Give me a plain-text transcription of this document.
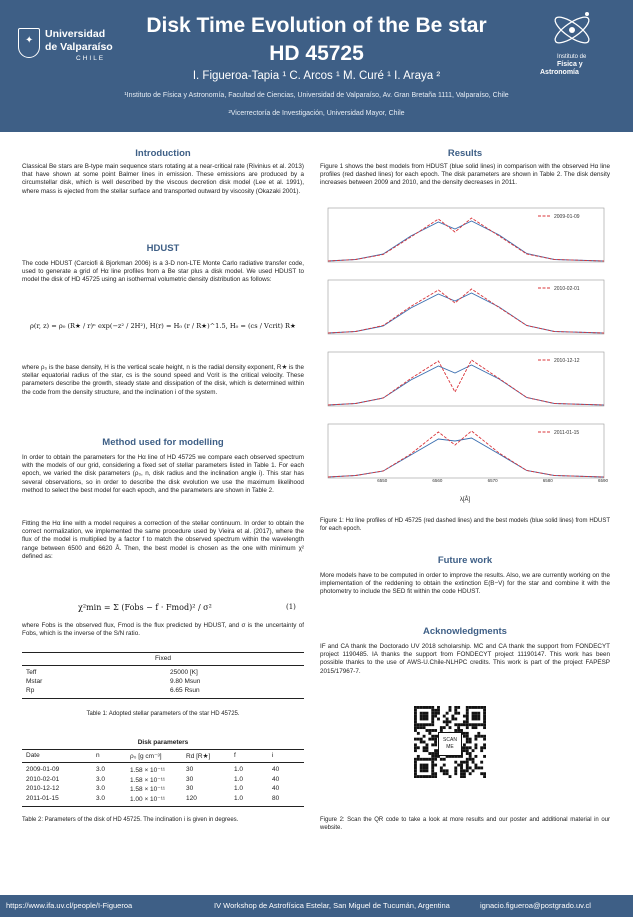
✦
Universidad
de Valparaíso
CHILE
Disk Time Evolution of the Be star
HD 45725
I. Figueroa-Tapia ¹ C. Arcos ¹ M. Curé ¹ I. Araya ²
¹Instituto de Física y Astronomía, Facultad de Ciencias, Universidad de Valparaíso, Av. Gran Bretaña 1111, Valparaíso, Chile
²Vicerrectoría de Investigación, Universidad Mayor, Chile
Instituto de
Física y
Astronomía
Introduction
Classical Be stars are B-type main sequence stars rotating at a near-critical rate (Rivinius et al. 2013) that have shown at some point Balmer lines in emission. These emissions are produced by a circumstellar disk, which is well described by the viscous decretion disk model (Lee et al. 1991), where mass is ejected from the stellar surface and transported outward by viscosity (Okazaki 2001).
HDUST
The code HDUST (Carciofi & Bjorkman 2006) is a 3-D non-LTE Monte Carlo radiative transfer code, used to generate a grid of Hα line profiles from a Be star plus a disk model. We used HDUST to model the disk of HD 45725 using an isothermal volumetric density distribution as follows:
ρ(r, z) = ρ₀ (R★ / r)ⁿ exp(−z² / 2H²), H(r) = H₀ (r / R★)^1.5, H₀ = (cs / Vcrit) R★
where ρ₀ is the base density, H is the vertical scale height, n is the radial density exponent, R★ is the stellar equatorial radius of the star, cs is the sound speed and Vcrit is the critical velocity. These parameters describe the growth, steady state and dissipation of the disk, which is determined within the code from the density structure, and the inclination i of the system.
Method used for modelling
In order to obtain the parameters for the Hα line of HD 45725 we compare each observed spectrum with the models of our grid, considering a fixed set of stellar parameters listed in Table 1. For each epoch, we varied the disk parameters (ρ₀, n, disk radius and the inclination angle i). This star has several observations, so in order to describe the disk evolution we use the maximum likelihood method to select the best model for each epoch, and the parameters are shown in Table 2.
Fitting the Hα line with a model requires a correction of the stellar continuum. In order to obtain the correct normalization, we implemented the same procedure used by Vieira et al. (2017), where the flux of the model is multiplied by a factor f to match the observed spectrum within the wavelength range between 6500 and 6620 Å. Then, the best model is chosen as the one with minimum χ² defined as:
χ²min = Σ (Fobs − f · Fmod)² / σ²	(1)
where Fobs is the observed flux, Fmod is the flux predicted by HDUST, and σ is the uncertainty of Fobs, which is the inverse of the S/N ratio.
Fixed
Teff	25000 [K]
Mstar	9.80 Msun
Rp	6.65 Rsun
Table 1: Adopted stellar parameters of the star HD 45725.
Disk parameters
Date	n	ρ₀ [g cm⁻³]	Rd [R★]	f	i
2009-01-09	3.0	1.58 × 10⁻¹¹	30	1.0	40
2010-02-01	3.0	1.58 × 10⁻¹¹	30	1.0	40
2010-12-12	3.0	1.58 × 10⁻¹¹	30	1.0	40
2011-01-15	3.0	1.00 × 10⁻¹¹	120	1.0	80
Table 2: Parameters of the disk of HD 45725. The inclination i is given in degrees.
Results
Figure 1 shows the best models from HDUST (blue solid lines) in comparison with the observed Hα line profiles (red dashed lines) for each epoch. The disk parameters are shown in Table 2. The disk density increases between 2009 and 2010, and the density decreases in 2011.
2009-01-09
2010-02-01
2010-12-12
2011-01-15
6550	6560	6570	6580	6590
λ[Å]
Figure 1: Hα line profiles of HD 45725 (red dashed lines) and the best models (blue solid lines) from HDUST for each epoch.
Future work
More models have to be computed in order to improve the results. Also, we are currently working on the implementation of the reddening to obtain the extinction E(B−V) for the star and combine it with the photometry to include the SED fit within the code HDUST.
Acknowledgments
IF and CA thank the Doctorado UV 2018 scholarship. MC and CA thank the support from FONDECYT project 1190485. IA thanks the support from FONDECYT project 11190147. This work has been possible thanks to the use of AWS-U.Chile-NLHPC credits. This work is part of the project FAPESP 2015/17967-7.
SCAN ME
Figure 2: Scan the QR code to take a look at more results and our poster and additional material in our website.
https://www.ifa.uv.cl/people/I-Figueroa	IV Workshop de Astrofísica Estelar, San Miguel de Tucumán, Argentina	ignacio.figueroa@postgrado.uv.cl
